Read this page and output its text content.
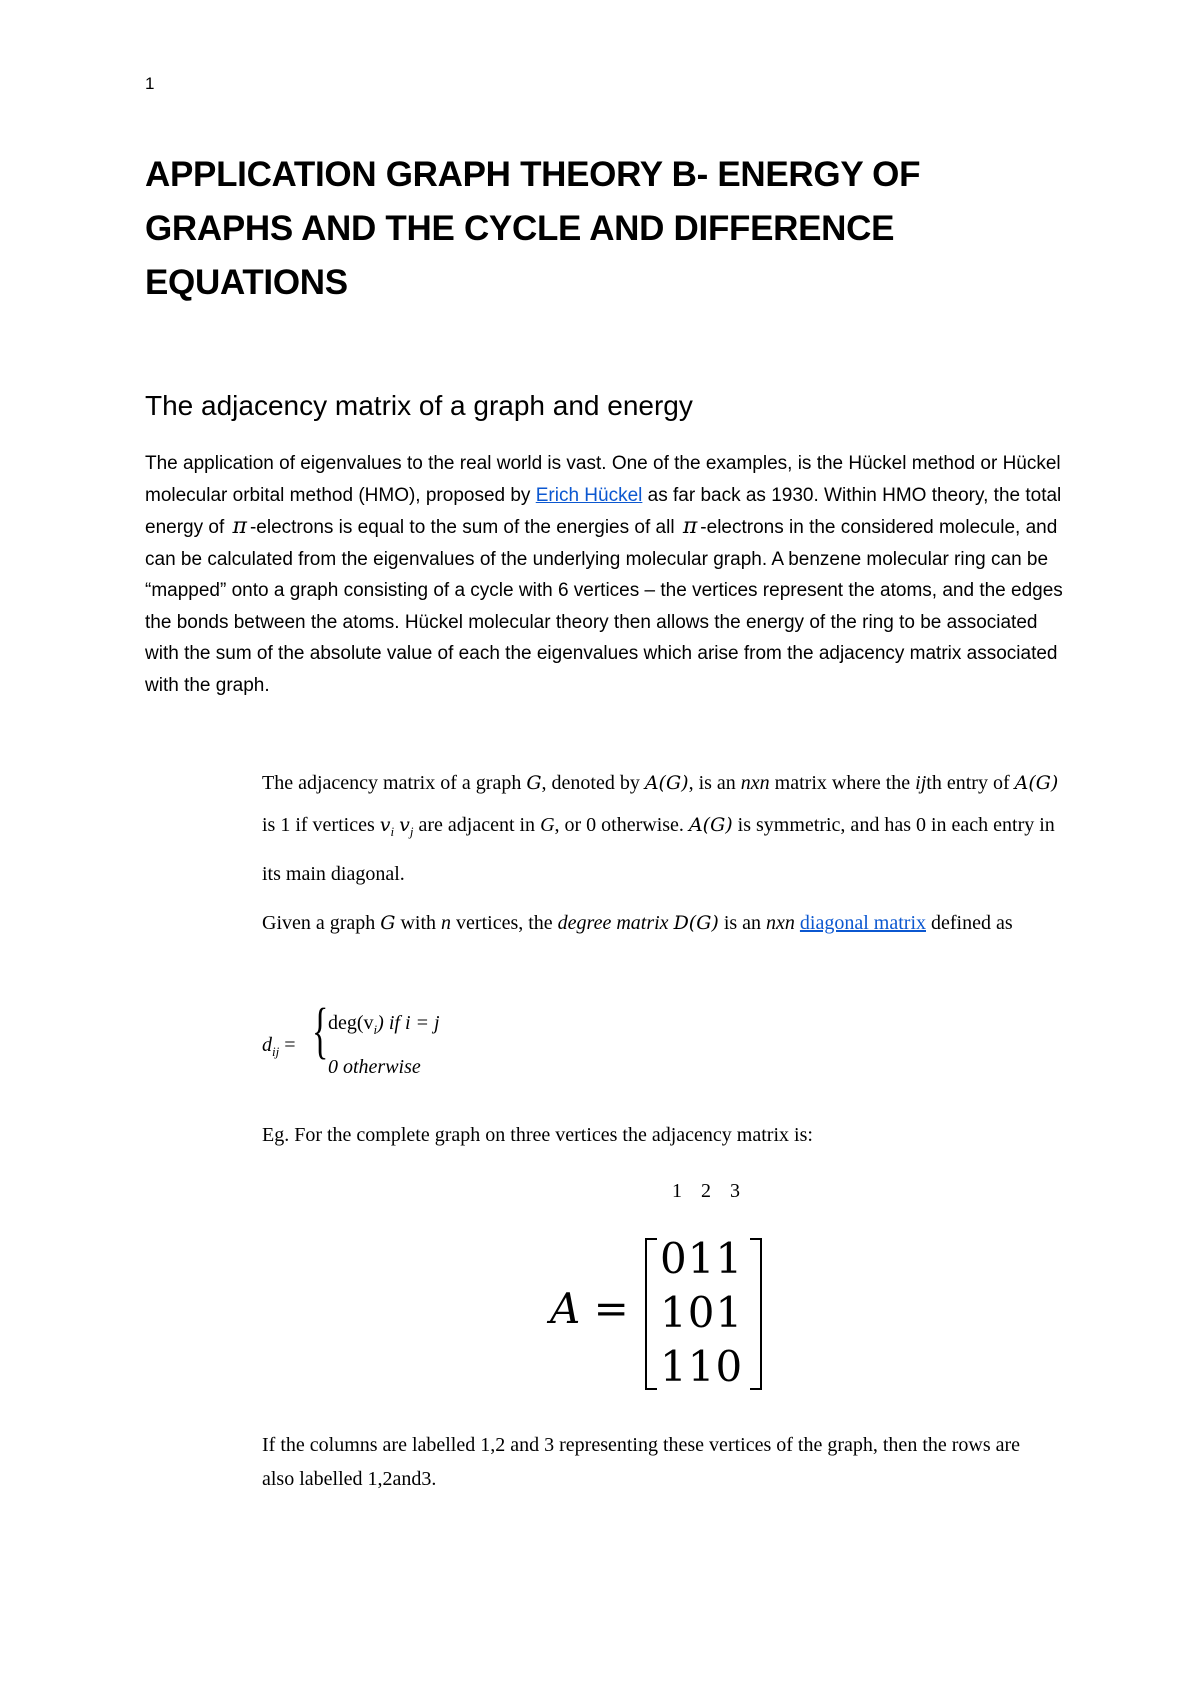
1
APPLICATION GRAPH THEORY B- ENERGY OF GRAPHS AND THE CYCLE AND DIFFERENCE EQUATIONS
The adjacency matrix of a graph and energy

The application of eigenvalues to the real world is vast. One of the examples, is the Hückel method or Hückel molecular orbital method (HMO), proposed by Erich Hückel as far back as 1930. Within HMO theory, the total energy of π -electrons is equal to the sum of the energies of all π -electrons in the considered molecule, and can be calculated from the eigenvalues of the underlying molecular graph. A benzene molecular ring can be “mapped” onto a graph consisting of a cycle with 6 vertices – the vertices represent the atoms, and the edges the bonds between the atoms. Hückel molecular theory then allows the energy of the ring to be associated with the sum of the absolute value of each the eigenvalues which arise from the adjacency matrix associated with the graph.

The adjacency matrix of a graph G, denoted by A(G), is an nxn matrix where the ijth entry of A(G) is 1 if vertices $v_i$ $v_j$ are adjacent in G, or 0 otherwise. A(G) is symmetric, and has 0 in each entry in its main diagonal.

Given a graph G with n vertices, the degree matrix D(G) is an nxn diagonal matrix defined as

$d_{ij}$ = { $deg(v_i)$ if i = j
0 otherwise

Eg. For the complete graph on three vertices the adjacency matrix is:

1 2 3
A =
011
101
110

If the columns are labelled 1,2 and 3 representing these vertices of the graph, then the rows are also labelled 1,2and3.
